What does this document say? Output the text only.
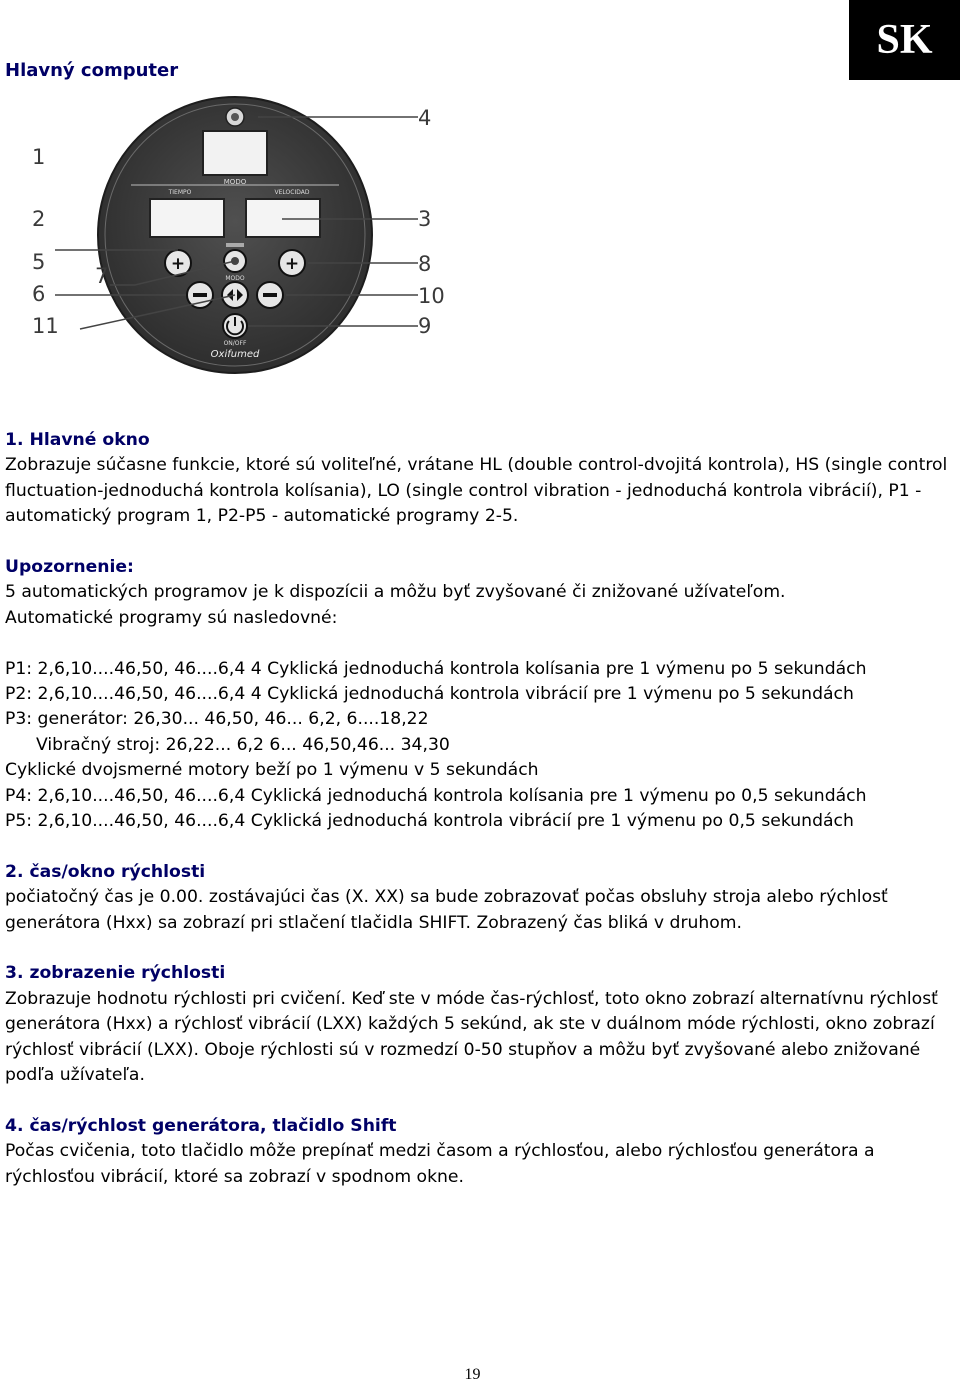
SK
Hlavný computer
MODO
TIEMPO	VELOCIDAD
+
MODO
+
ON/OFF
Oxifumed
1
2
5
6
11
7
4
3
8
10
9

1. Hlavné okno

Zobrazuje súčasne funkcie, ktoré sú voliteľné, vrátane HL (double control-dvojitá kontrola), HS (single control fluctuation-jednoduchá kontrola kolísania), LO (single control vibration - jednoduchá kontrola vibrácií), P1 - automatický program 1, P2-P5 - automatické programy 2-5.

Upozornenie:

5 automatických programov je k dispozícii a môžu byť zvyšované či znižované užívateľom.

Automatické programy sú nasledovné:

P1: 2,6,10....46,50, 46....6,4 4 Cyklická jednoduchá kontrola kolísania pre 1 výmenu po 5 sekundách

P2: 2,6,10....46,50, 46....6,4 4 Cyklická jednoduchá kontrola vibrácií pre 1 výmenu po 5 sekundách

P3: generátor: 26,30... 46,50, 46... 6,2, 6....18,22

Vibračný stroj: 26,22... 6,2 6... 46,50,46... 34,30

Cyklické dvojsmerné motory beží po 1 výmenu v 5 sekundách

P4: 2,6,10....46,50, 46....6,4 Cyklická jednoduchá kontrola kolísania pre 1 výmenu po 0,5 sekundách

P5: 2,6,10....46,50, 46....6,4 Cyklická jednoduchá kontrola vibrácií pre 1 výmenu po 0,5 sekundách

2. čas/okno rýchlosti

počiatočný čas je 0.00. zostávajúci čas (X. XX) sa bude zobrazovať počas obsluhy stroja alebo rýchlosť generátora (Hxx) sa zobrazí pri stlačení tlačidla SHIFT. Zobrazený čas bliká v druhom.

3. zobrazenie rýchlosti

Zobrazuje hodnotu rýchlosti pri cvičení. Keď ste v móde čas-rýchlosť, toto okno zobrazí alternatívnu rýchlosť generátora (Hxx) a rýchlosť vibrácií (LXX) každých 5 sekúnd, ak ste v duálnom móde rýchlosti, okno zobrazí rýchlosť vibrácií (LXX). Oboje rýchlosti sú v rozmedzí 0-50 stupňov a môžu byť zvyšované alebo znižované podľa užívateľa.

4. čas/rýchlost generátora, tlačidlo Shift

Počas cvičenia, toto tlačidlo môže prepínať medzi časom a rýchlosťou, alebo rýchlosťou generátora a rýchlosťou vibrácií, ktoré sa zobrazí v spodnom okne.

19
